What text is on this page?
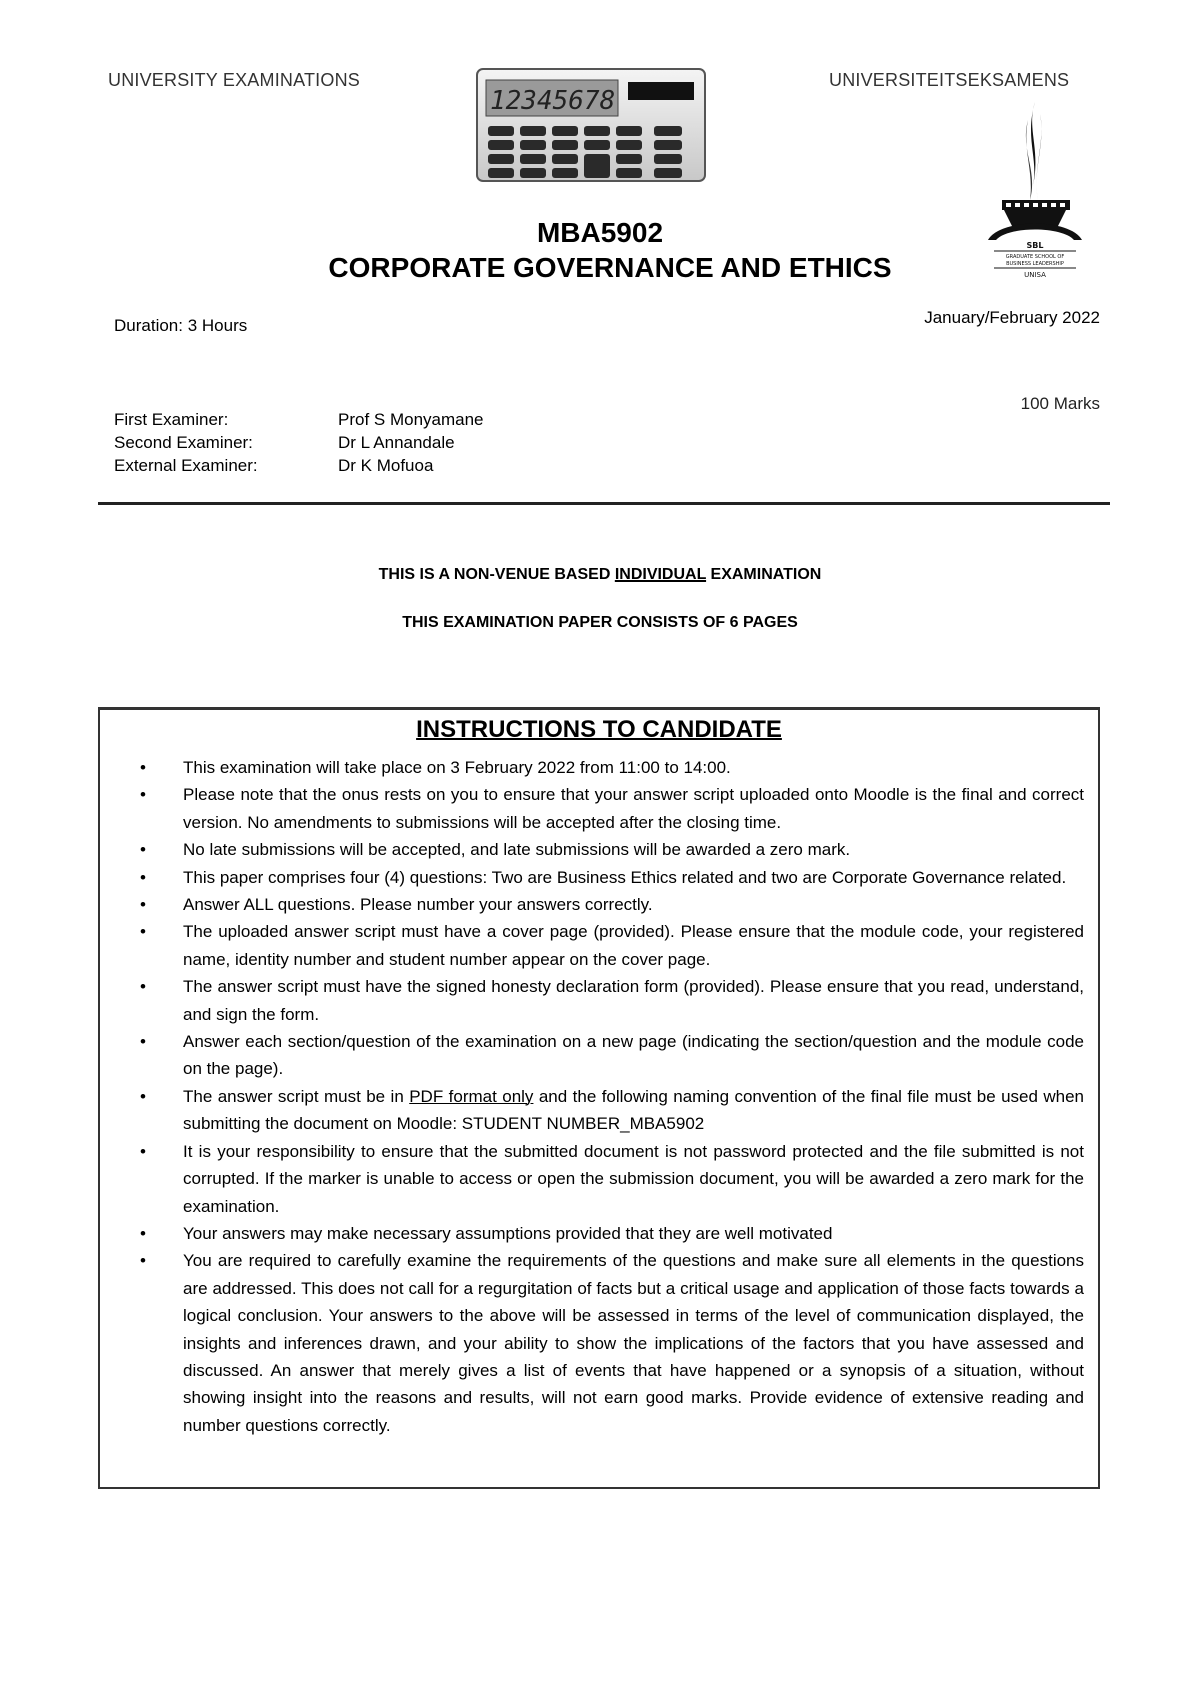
UNIVERSITY EXAMINATIONS	UNIVERSITEITSEKSAMENS
12345678
SBL
GRADUATE SCHOOL OF
BUSINESS LEADERSHIP
UNISA
MBA5902
CORPORATE GOVERNANCE AND ETHICS
Duration: 3 Hours	January/February 2022
100 Marks
First Examiner:	Prof S Monyamane
Second Examiner:	Dr L Annandale
External Examiner:	Dr K Mofuoa
THIS IS A NON-VENUE BASED INDIVIDUAL EXAMINATION
THIS EXAMINATION PAPER CONSISTS OF 6 PAGES
INSTRUCTIONS TO CANDIDATE
• This examination will take place on 3 February 2022 from 11:00 to 14:00.
• Please note that the onus rests on you to ensure that your answer script uploaded onto Moodle is the final and correct version. No amendments to submissions will be accepted after the closing time.
• No late submissions will be accepted, and late submissions will be awarded a zero mark.
• This paper comprises four (4) questions: Two are Business Ethics related and two are Corporate Governance related.
• Answer ALL questions. Please number your answers correctly.
• The uploaded answer script must have a cover page (provided). Please ensure that the module code, your registered name, identity number and student number appear on the cover page.
• The answer script must have the signed honesty declaration form (provided). Please ensure that you read, understand, and sign the form.
• Answer each section/question of the examination on a new page (indicating the section/question and the module code on the page).
• The answer script must be in PDF format only and the following naming convention of the final file must be used when submitting the document on Moodle: STUDENT NUMBER_MBA5902
• It is your responsibility to ensure that the submitted document is not password protected and the file submitted is not corrupted. If the marker is unable to access or open the submission document, you will be awarded a zero mark for the examination.
• Your answers may make necessary assumptions provided that they are well motivated
• You are required to carefully examine the requirements of the questions and make sure all elements in the questions are addressed. This does not call for a regurgitation of facts but a critical usage and application of those facts towards a logical conclusion. Your answers to the above will be assessed in terms of the level of communication displayed, the insights and inferences drawn, and your ability to show the implications of the factors that you have assessed and discussed. An answer that merely gives a list of events that have happened or a synopsis of a situation, without showing insight into the reasons and results, will not earn good marks. Provide evidence of extensive reading and number questions correctly.
